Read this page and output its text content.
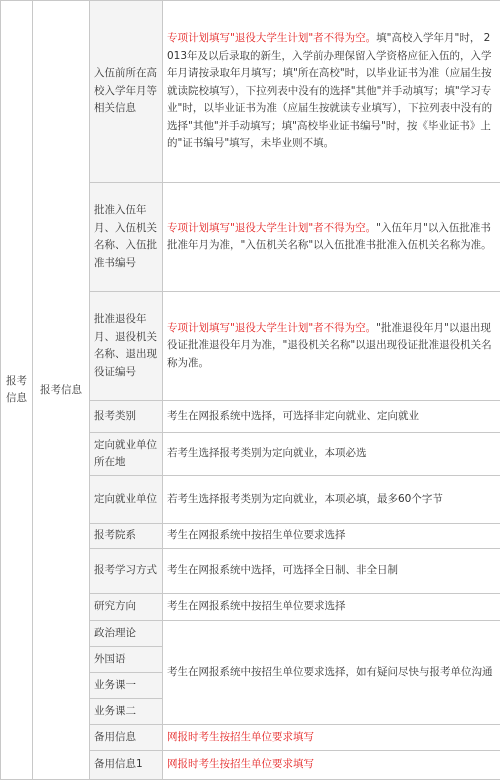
报考信息	报考信息	入伍前所在高校入学年月等相关信息	专项计划填写"退役大学生计划"者不得为空。填"高校入学年月"时， 2013年及以后录取的新生，入学前办理保留入学资格应征入伍的，入学年月请按录取年月填写；填"所在高校"时，以毕业证书为准（应届生按就读院校填写），下拉列表中没有的选择"其他"并手动填写；填"学习专业"时，以毕业证书为准（应届生按就读专业填写），下拉列表中没有的选择"其他"并手动填写；填"高校毕业证书编号"时，按《毕业证书》上的"证书编号"填写，未毕业则不填。
		批准入伍年月、入伍机关名称、入伍批准书编号	专项计划填写"退役大学生计划"者不得为空。"入伍年月"以入伍批准书批准年月为准，"入伍机关名称"以入伍批准书批准入伍机关名称为准。
		批准退役年月、退役机关名称、退出现役证编号	专项计划填写"退役大学生计划"者不得为空。"批准退役年月"以退出现役证批准退役年月为准，"退役机关名称"以退出现役证批准退役机关名称为准。
		报考类别	考生在网报系统中选择，可选择非定向就业、定向就业
		定向就业单位所在地	若考生选择报考类别为定向就业，本项必选
		定向就业单位	若考生选择报考类别为定向就业，本项必填，最多60个字节
		报考院系	考生在网报系统中按招生单位要求选择
		报考学习方式	考生在网报系统中选择，可选择全日制、非全日制
		研究方向	考生在网报系统中按招生单位要求选择
		政治理论	考生在网报系统中按招生单位要求选择，如有疑问尽快与报考单位沟通
		外国语	
		业务课一	
		业务课二	
		备用信息	网报时考生按招生单位要求填写
		备用信息1	网报时考生按招生单位要求填写
